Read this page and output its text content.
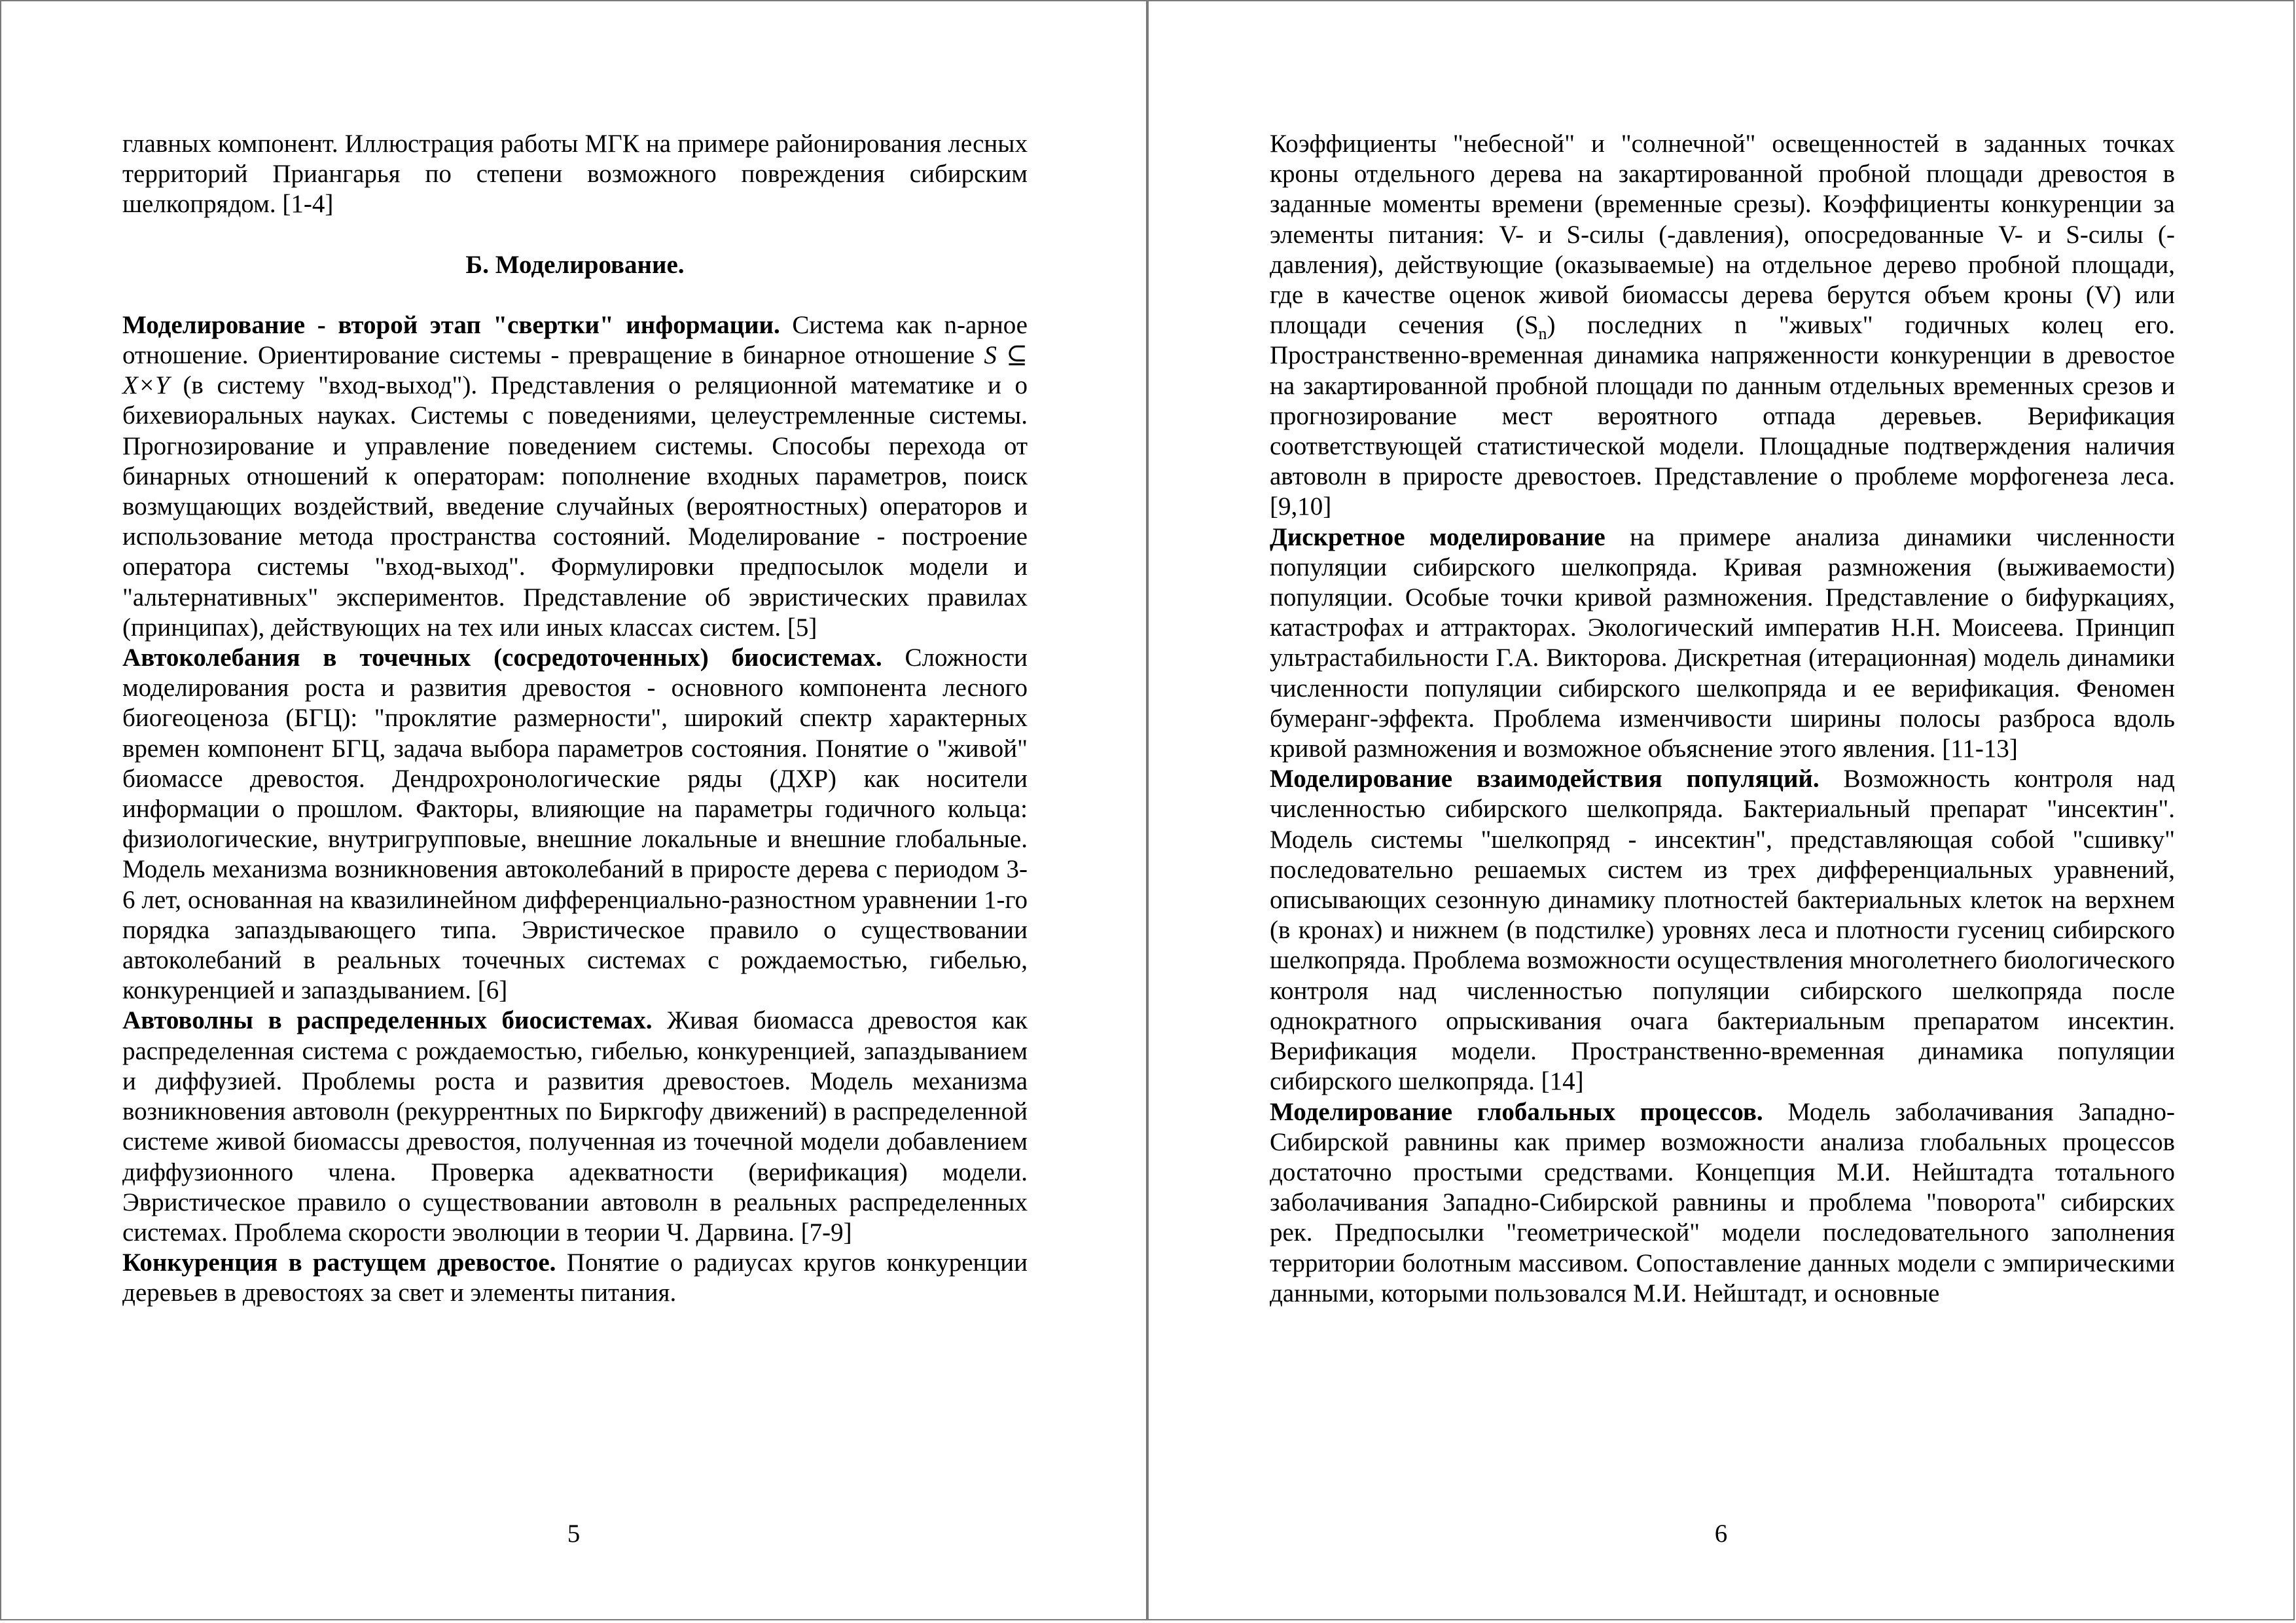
главных компонент. Иллюстрация работы МГК на примере районирования лесных территорий Приангарья по степени возможного повреждения сибирским шелкопрядом. [1-4]

Б. Моделирование.

Моделирование - второй этап "свертки" информации. Система как n-арное отношение. Ориентирование системы - превращение в бинарное отношение S ⊆ X×Y (в систему "вход-выход"). Представления о реляционной математике и о бихевиоральных науках. Системы с поведениями, целеустремленные системы. Прогнозирование и управление поведением системы. Способы перехода от бинарных отношений к операторам: пополнение входных параметров, поиск возмущающих воздействий, введение случайных (вероятностных) операторов и использование метода пространства состояний. Моделирование - построение оператора системы "вход-выход". Формулировки предпосылок модели и "альтернативных" экспериментов. Представление об эвристических правилах (принципах), действующих на тех или иных классах систем. [5]

Автоколебания в точечных (сосредоточенных) биосистемах. Сложности моделирования роста и развития древостоя - основного компонента лесного биогеоценоза (БГЦ): "проклятие размерности", широкий спектр характерных времен компонент БГЦ, задача выбора параметров состояния. Понятие о "живой" биомассе древостоя. Дендрохронологические ряды (ДХР) как носители информации о прошлом. Факторы, влияющие на параметры годичного кольца: физиологические, внутригрупповые, внешние локальные и внешние глобальные. Модель механизма возникновения автоколебаний в приросте дерева с периодом 3-6 лет, основанная на квазилинейном дифференциально-разностном уравнении 1-го порядка запаздывающего типа. Эвристическое правило о существовании автоколебаний в реальных точечных системах с рождаемостью, гибелью, конкуренцией и запаздыванием. [6]

Автоволны в распределенных биосистемах. Живая биомасса древостоя как распределенная система с рождаемостью, гибелью, конкуренцией, запаздыванием и диффузией. Проблемы роста и развития древостоев. Модель механизма возникновения автоволн (рекуррентных по Биркгофу движений) в распределенной системе живой биомассы древостоя, полученная из точечной модели добавлением диффузионного члена. Проверка адекватности (верификация) модели. Эвристическое правило о существовании автоволн в реальных распределенных системах. Проблема скорости эволюции в теории Ч. Дарвина. [7-9]

Конкуренция в растущем древостое. Понятие о радиусах кругов конкуренции деревьев в древостоях за свет и элементы питания.

5

Коэффициенты "небесной" и "солнечной" освещенностей в заданных точках кроны отдельного дерева на закартированной пробной площади древостоя в заданные моменты времени (временные срезы). Коэффициенты конкуренции за элементы питания: V- и S-силы (-давления), опосредованные V- и S-силы (-давления), действующие (оказываемые) на отдельное дерево пробной площади, где в качестве оценок живой биомассы дерева берутся объем кроны (V) или площади сечения $(S_n)$ последних n "живых" годичных колец его. Пространственно-временная динамика напряженности конкуренции в древостое на закартированной пробной площади по данным отдельных временных срезов и прогнозирование мест вероятного отпада деревьев. Верификация соответствующей статистической модели. Площадные подтверждения наличия автоволн в приросте древостоев. Представление о проблеме морфогенеза леса. [9,10]

Дискретное моделирование на примере анализа динамики численности популяции сибирского шелкопряда. Кривая размножения (выживаемости) популяции. Особые точки кривой размножения. Представление о бифуркациях, катастрофах и аттракторах. Экологический императив Н.Н. Моисеева. Принцип ультрастабильности Г.А. Викторова. Дискретная (итерационная) модель динамики численности популяции сибирского шелкопряда и ее верификация. Феномен бумеранг-эффекта. Проблема изменчивости ширины полосы разброса вдоль кривой размножения и возможное объяснение этого явления. [11-13]

Моделирование взаимодействия популяций. Возможность контроля над численностью сибирского шелкопряда. Бактериальный препарат "инсектин". Модель системы "шелкопряд - инсектин", представляющая собой "сшивку" последовательно решаемых систем из трех дифференциальных уравнений, описывающих сезонную динамику плотностей бактериальных клеток на верхнем (в кронах) и нижнем (в подстилке) уровнях леса и плотности гусениц сибирского шелкопряда. Проблема возможности осуществления многолетнего биологического контроля над численностью популяции сибирского шелкопряда после однократного опрыскивания очага бактериальным препаратом инсектин. Верификация модели. Пространственно-временная динамика популяции сибирского шелкопряда. [14]

Моделирование глобальных процессов. Модель заболачивания Западно-Сибирской равнины как пример возможности анализа глобальных процессов достаточно простыми средствами. Концепция М.И. Нейштадта тотального заболачивания Западно-Сибирской равнины и проблема "поворота" сибирских рек. Предпосылки "геометрической" модели последовательного заполнения территории болотным массивом. Сопоставление данных модели с эмпирическими данными, которыми пользовался М.И. Нейштадт, и основные

6
